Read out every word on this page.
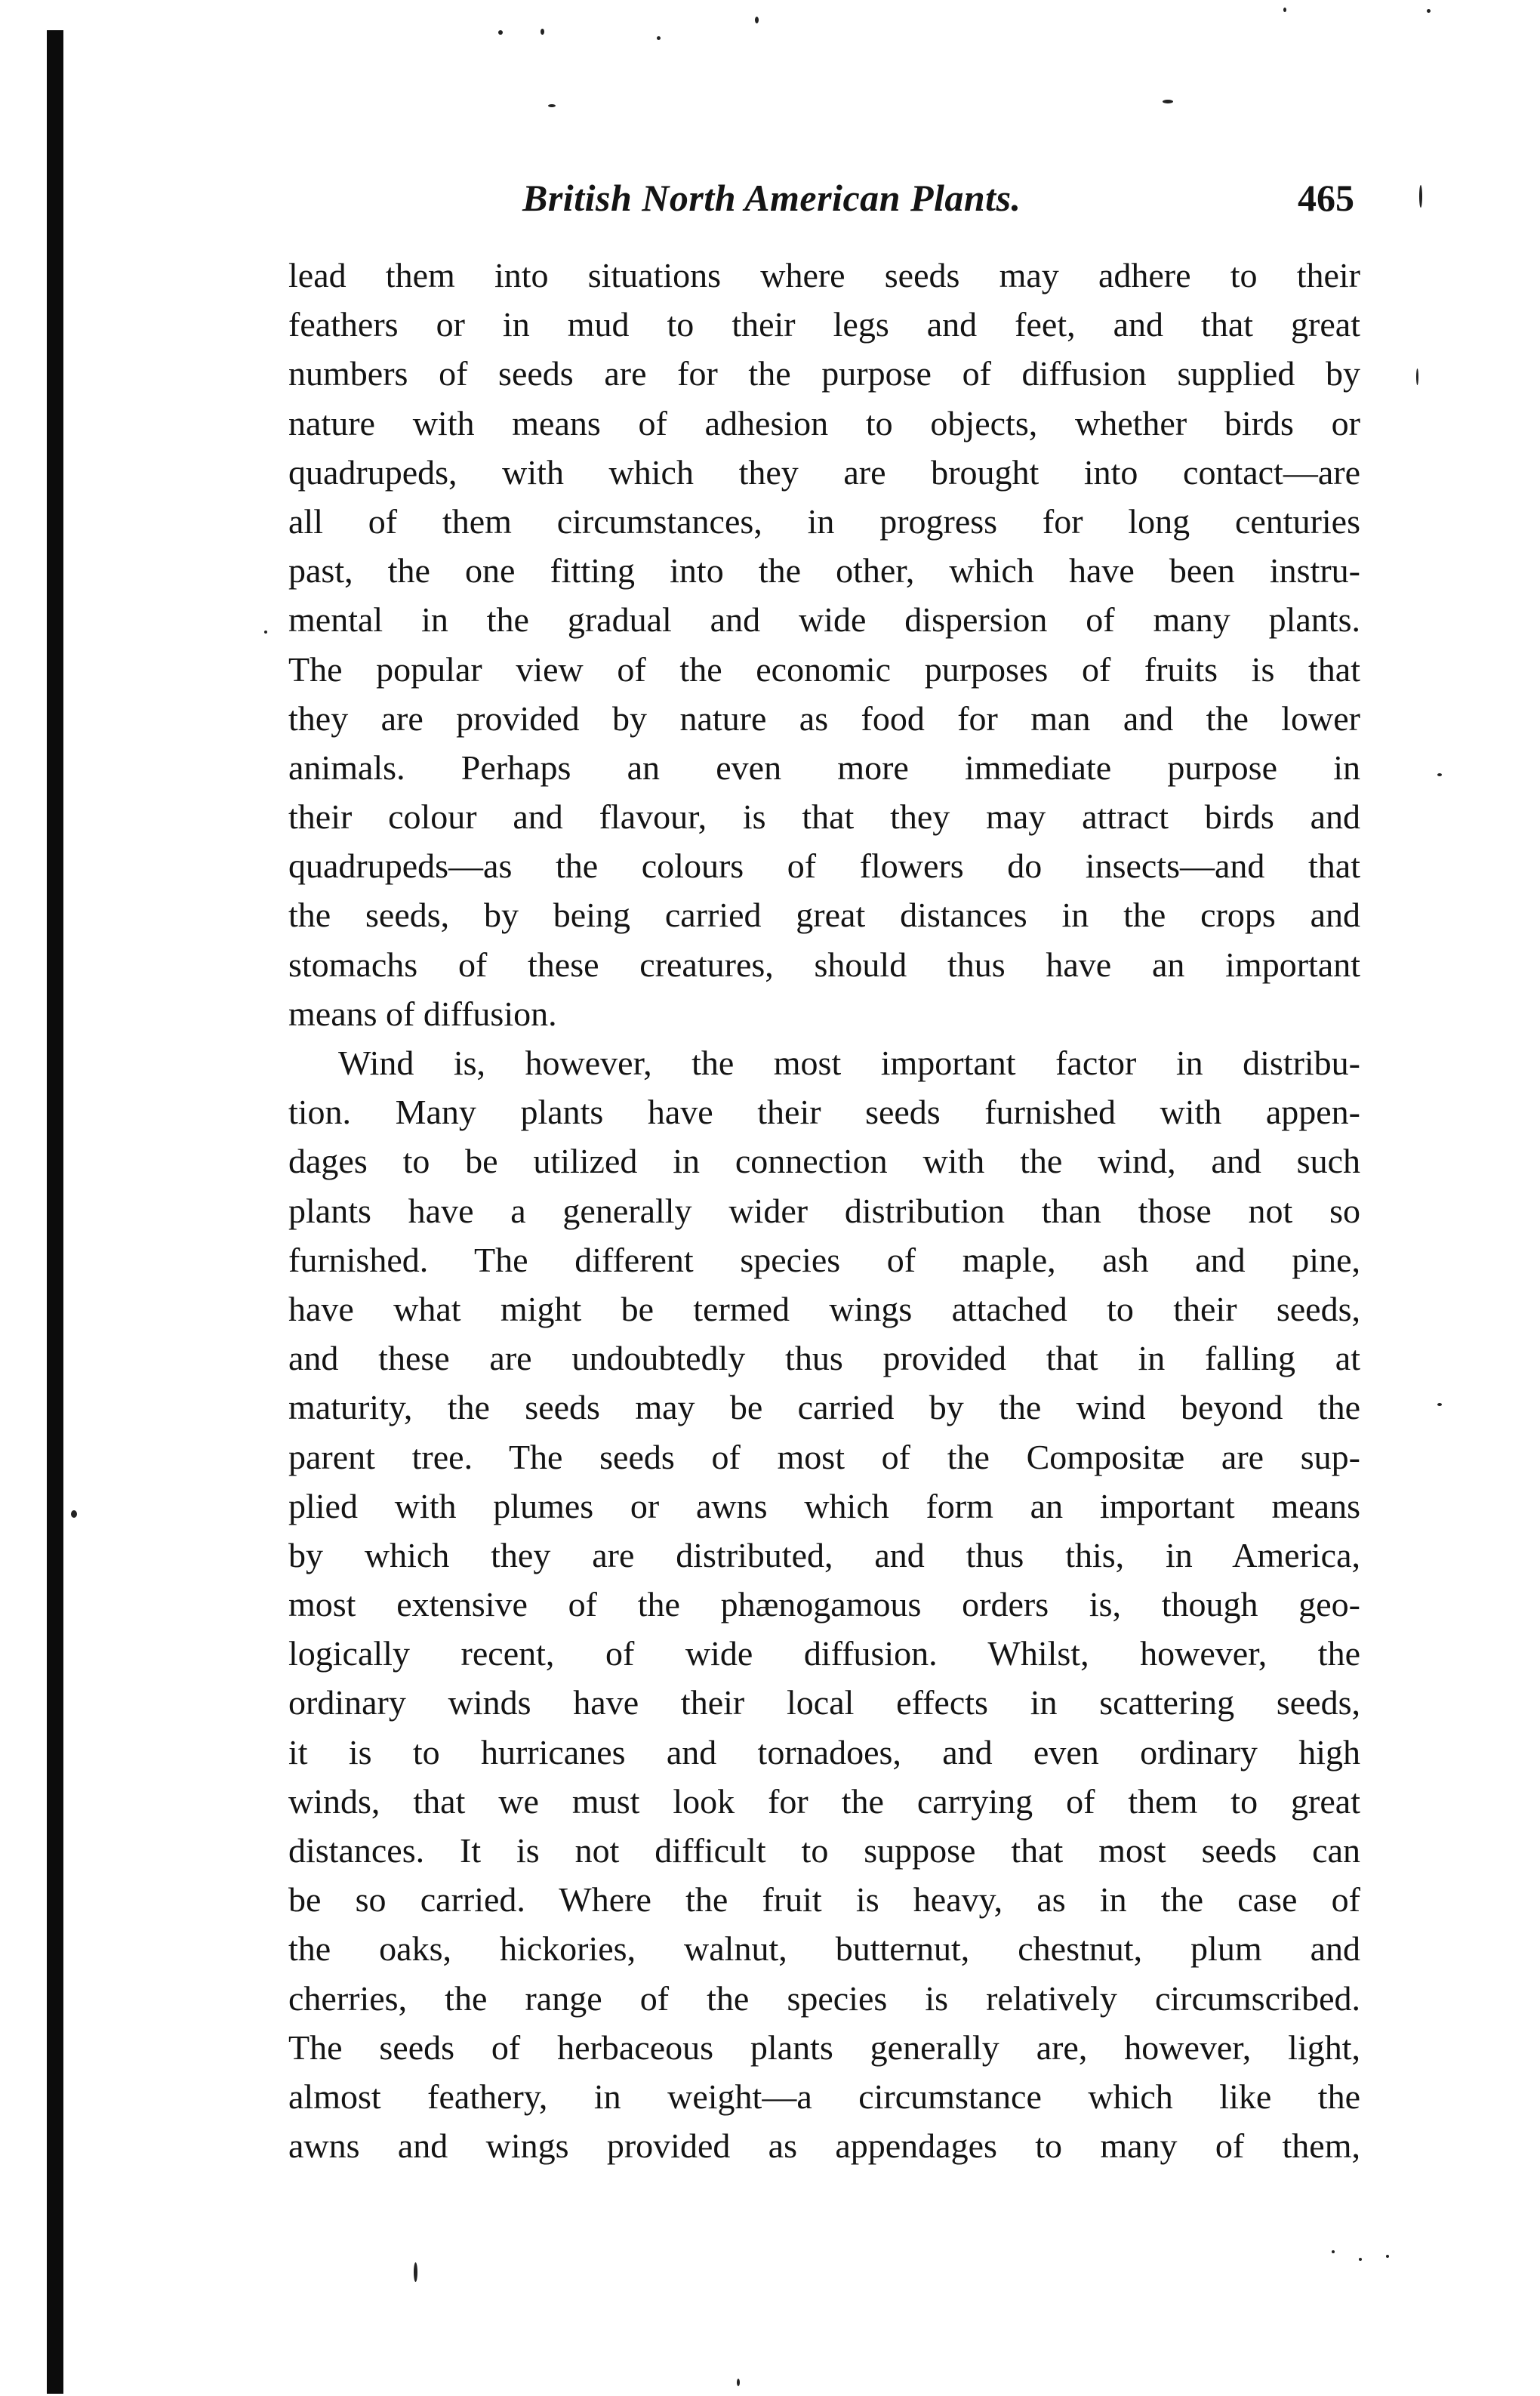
British North American Plants.	465
lead them into situations where seeds may adhere to their
feathers or in mud to their legs and feet, and that great
numbers of seeds are for the purpose of diffusion supplied by
nature with means of adhesion to objects, whether birds or
quadrupeds, with which they are brought into contact—are
all of them circumstances, in progress for long centuries
past, the one fitting into the other, which have been instru-
mental in the gradual and wide dispersion of many plants.
The popular view of the economic purposes of fruits is that
they are provided by nature as food for man and the lower
animals. Perhaps an even more immediate purpose in
their colour and flavour, is that they may attract birds and
quadrupeds—as the colours of flowers do insects—and that
the seeds, by being carried great distances in the crops and
stomachs of these creatures, should thus have an important
means of diffusion.
Wind is, however, the most important factor in distribu-
tion. Many plants have their seeds furnished with appen-
dages to be utilized in connection with the wind, and such
plants have a generally wider distribution than those not so
furnished. The different species of maple, ash and pine,
have what might be termed wings attached to their seeds,
and these are undoubtedly thus provided that in falling at
maturity, the seeds may be carried by the wind beyond the
parent tree. The seeds of most of the Compositæ are sup-
plied with plumes or awns which form an important means
by which they are distributed, and thus this, in America,
most extensive of the phænogamous orders is, though geo-
logically recent, of wide diffusion. Whilst, however, the
ordinary winds have their local effects in scattering seeds,
it is to hurricanes and tornadoes, and even ordinary high
winds, that we must look for the carrying of them to great
distances. It is not difficult to suppose that most seeds can
be so carried. Where the fruit is heavy, as in the case of
the oaks, hickories, walnut, butternut, chestnut, plum and
cherries, the range of the species is relatively circumscribed.
The seeds of herbaceous plants generally are, however, light,
almost feathery, in weight—a circumstance which like the
awns and wings provided as appendages to many of them,
